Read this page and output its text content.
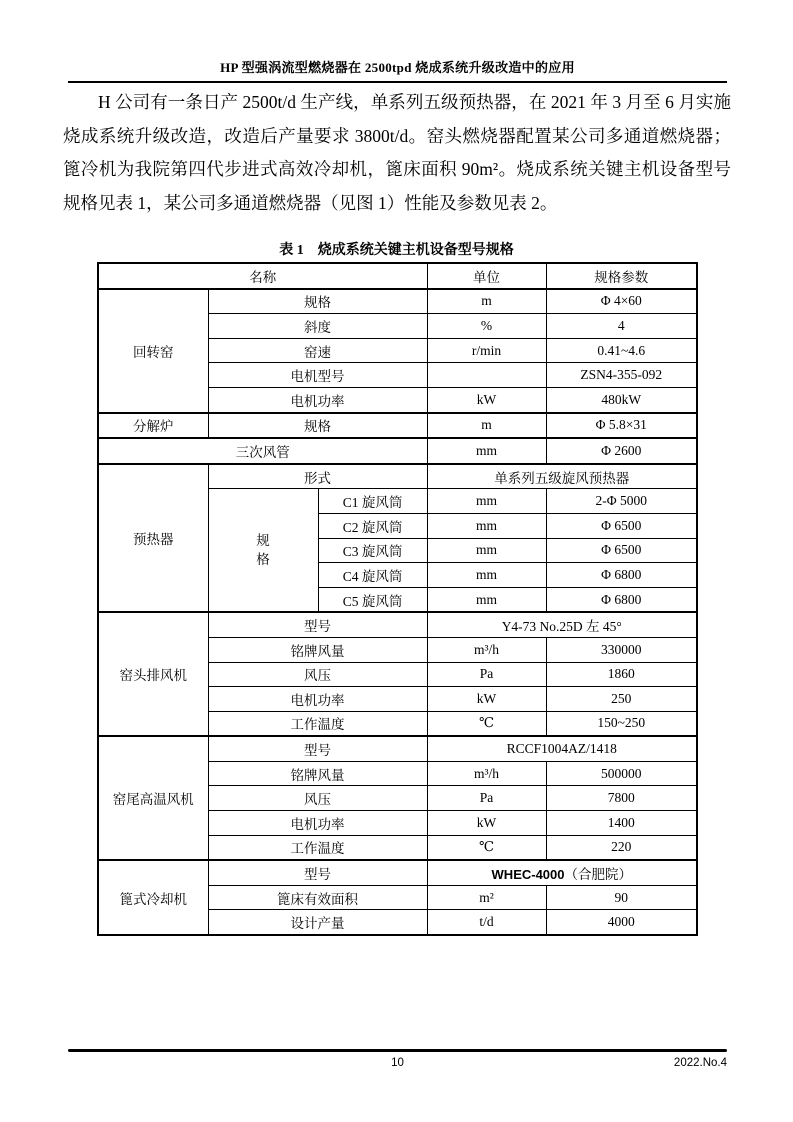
HP 型强涡流型燃烧器在 2500tpd 烧成系统升级改造中的应用
H 公司有一条日产 2500t/d 生产线，单系列五级预热器，在 2021 年 3 月至 6 月实施烧成系统升级改造，改造后产量要求 3800t/d。窑头燃烧器配置某公司多通道燃烧器；篦冷机为我院第四代步进式高效冷却机，篦床面积 90m²。烧成系统关键主机设备型号规格见表 1，某公司多通道燃烧器（见图 1）性能及参数见表 2。
表 1　烧成系统关键主机设备型号规格
名称			单位	规格参数
回转窑	规格		m	Φ 4×60
	斜度		%	4
	窑速		r/min	0.41~4.6
	电机型号			ZSN4-355-092
	电机功率		kW	480kW
分解炉	规格		m	Φ 5.8×31
三次风管			mm	Φ 2600
预热器	形式		单系列五级旋风预热器	

	规格	C1 旋风筒	mm	2-Φ 5000
		C2 旋风筒	mm	Φ 6500
		C3 旋风筒	mm	Φ 6500
		C4 旋风筒	mm	Φ 6800
		C5 旋风筒	mm	Φ 6800
窑头排风机	型号		Y4-73 No.25D 左 45°	
	铭牌风量		m³/h	330000
	风压		Pa	1860
	电机功率		kW	250
	工作温度		℃	150~250
窑尾高温风机	型号		RCCF1004AZ/1418	
	铭牌风量		m³/h	500000
	风压		Pa	7800
	电机功率		kW	1400
	工作温度		℃	220
篦式冷却机	型号		WHEC-4000（合肥院）	
	篦床有效面积		m²	90
	设计产量		t/d	4000
10	2022.No.4
